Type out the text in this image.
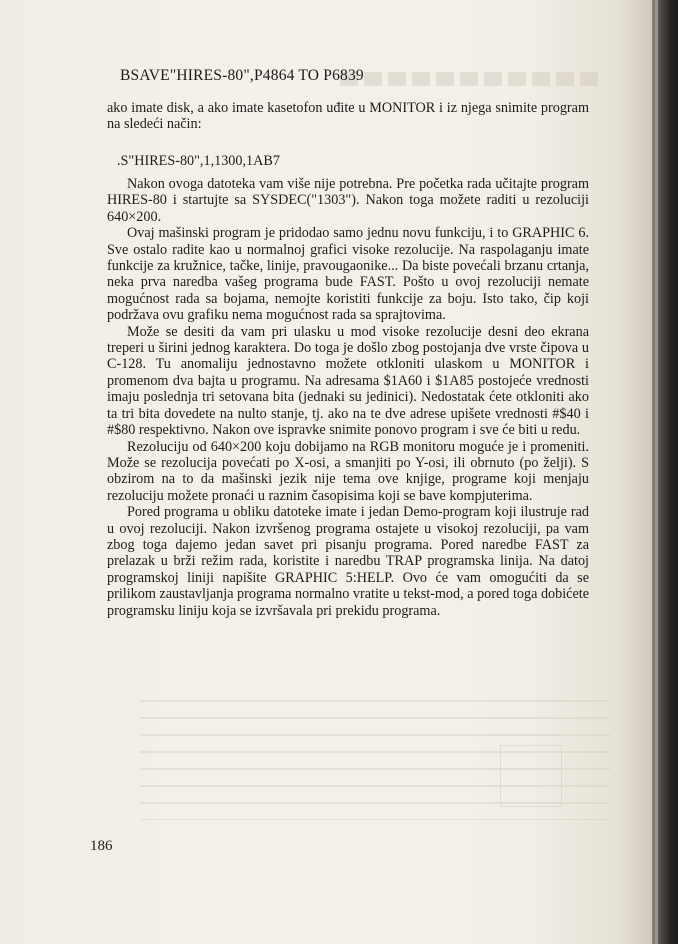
BSAVE"HIRES-80",P4864 TO P6839

ako imate disk, a ako imate kasetofon uđite u MONITOR i iz njega snimite program na sledeći način:

.S"HIRES-80",1,1300,1AB7

Nakon ovoga datoteka vam više nije potrebna. Pre početka rada učitajte program HIRES-80 i startujte sa SYSDEC("1303"). Nakon toga možete raditi u rezoluciji 640×200.

Ovaj mašinski program je pridodao samo jednu novu funkciju, i to GRAPHIC 6. Sve ostalo radite kao u normalnoj grafici visoke rezolucije. Na raspolaganju imate funkcije za kružnice, tačke, linije, pravougaonike... Da biste povećali brzanu crtanja, neka prva naredba vašeg programa bude FAST. Pošto u ovoj rezoluciji nemate mogućnost rada sa bojama, nemojte koristiti funkcije za boju. Isto tako, čip koji podržava ovu grafiku nema mogućnost rada sa sprajtovima.

Može se desiti da vam pri ulasku u mod visoke rezolucije desni deo ekrana treperi u širini jednog karaktera. Do toga je došlo zbog postojanja dve vrste čipova u C-128. Tu anomaliju jednostavno možete otkloniti ulaskom u MONITOR i promenom dva bajta u programu. Na adresama $1A60 i $1A85 postojeće vrednosti imaju poslednja tri setovana bita (jednaki su jedinici). Nedostatak ćete otkloniti ako ta tri bita dovedete na nulto stanje, tj. ako na te dve adrese upišete vrednosti #$40 i #$80 respektivno. Nakon ove ispravke snimite ponovo program i sve će biti u redu.

Rezoluciju od 640×200 koju dobijamo na RGB monitoru moguće je i promeniti. Može se rezolucija povećati po X-osi, a smanjiti po Y-osi, ili obrnuto (po želji). S obzirom na to da mašinski jezik nije tema ove knjige, programe koji menjaju rezoluciju možete pronaći u raznim časopisima koji se bave kompjuterima.

Pored programa u obliku datoteke imate i jedan Demo-program koji ilustruje rad u ovoj rezoluciji. Nakon izvršenog programa ostajete u visokoj rezoluciji, pa vam zbog toga dajemo jedan savet pri pisanju programa. Pored naredbe FAST za prelazak u brži režim rada, koristite i naredbu TRAP programska linija. Na datoj programskoj liniji napišite GRAPHIC 5:HELP. Ovo će vam omogućiti da se prilikom zaustavljanja programa normalno vratite u tekst-mod, a pored toga dobićete programsku liniju koja se izvršavala pri prekidu programa.

186
